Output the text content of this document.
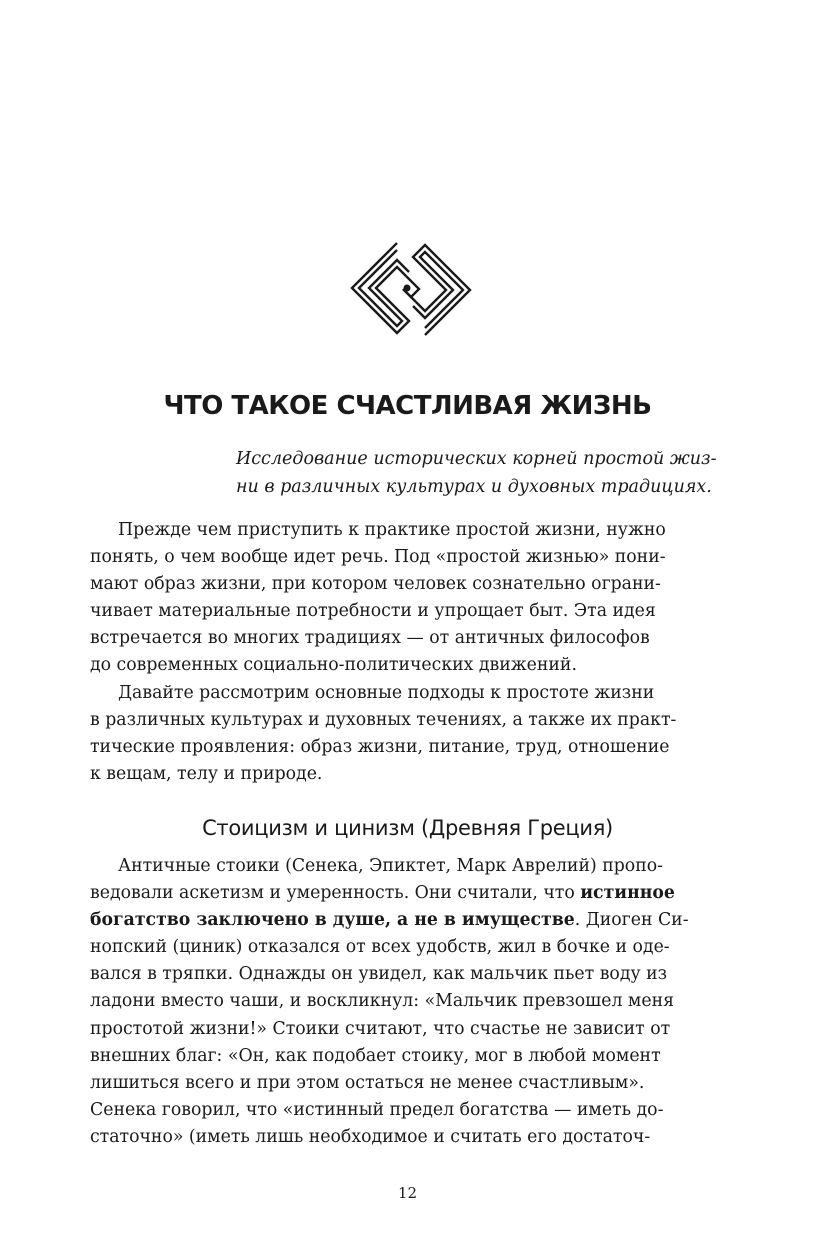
ЧТО ТАКОЕ СЧАСТЛИВАЯ ЖИЗНЬ
Исследование исторических корней простой жиз-
ни в различных культурах и духовных традициях.
Прежде чем приступить к практике простой жизни, нужно
понять, о чем вообще идет речь. Под «простой жизнью» пони-
мают образ жизни, при котором человек сознательно ограни-
чивает материальные потребности и упрощает быт. Эта идея
встречается во многих традициях — от античных философов
до современных социально-политических движений.
Давайте рассмотрим основные подходы к простоте жизни
в различных культурах и духовных течениях, а также их практ-
тические проявления: образ жизни, питание, труд, отношение
к вещам, телу и природе.
Стоицизм и цинизм (Древняя Греция)
Античные стоики (Сенека, Эпиктет, Марк Аврелий) пропо-
ведовали аскетизм и умеренность. Они считали, что истинное
богатство заключено в душе, а не в имуществе. Диоген Си-
нопский (циник) отказался от всех удобств, жил в бочке и оде-
вался в тряпки. Однажды он увидел, как мальчик пьет воду из
ладони вместо чаши, и воскликнул: «Мальчик превзошел меня
простотой жизни!» Стоики считают, что счастье не зависит от
внешних благ: «Он, как подобает стоику, мог в любой момент
лишиться всего и при этом остаться не менее счастливым».
Сенека говорил, что «истинный предел богатства — иметь до-
статочно» (иметь лишь необходимое и считать его достаточ-
12
